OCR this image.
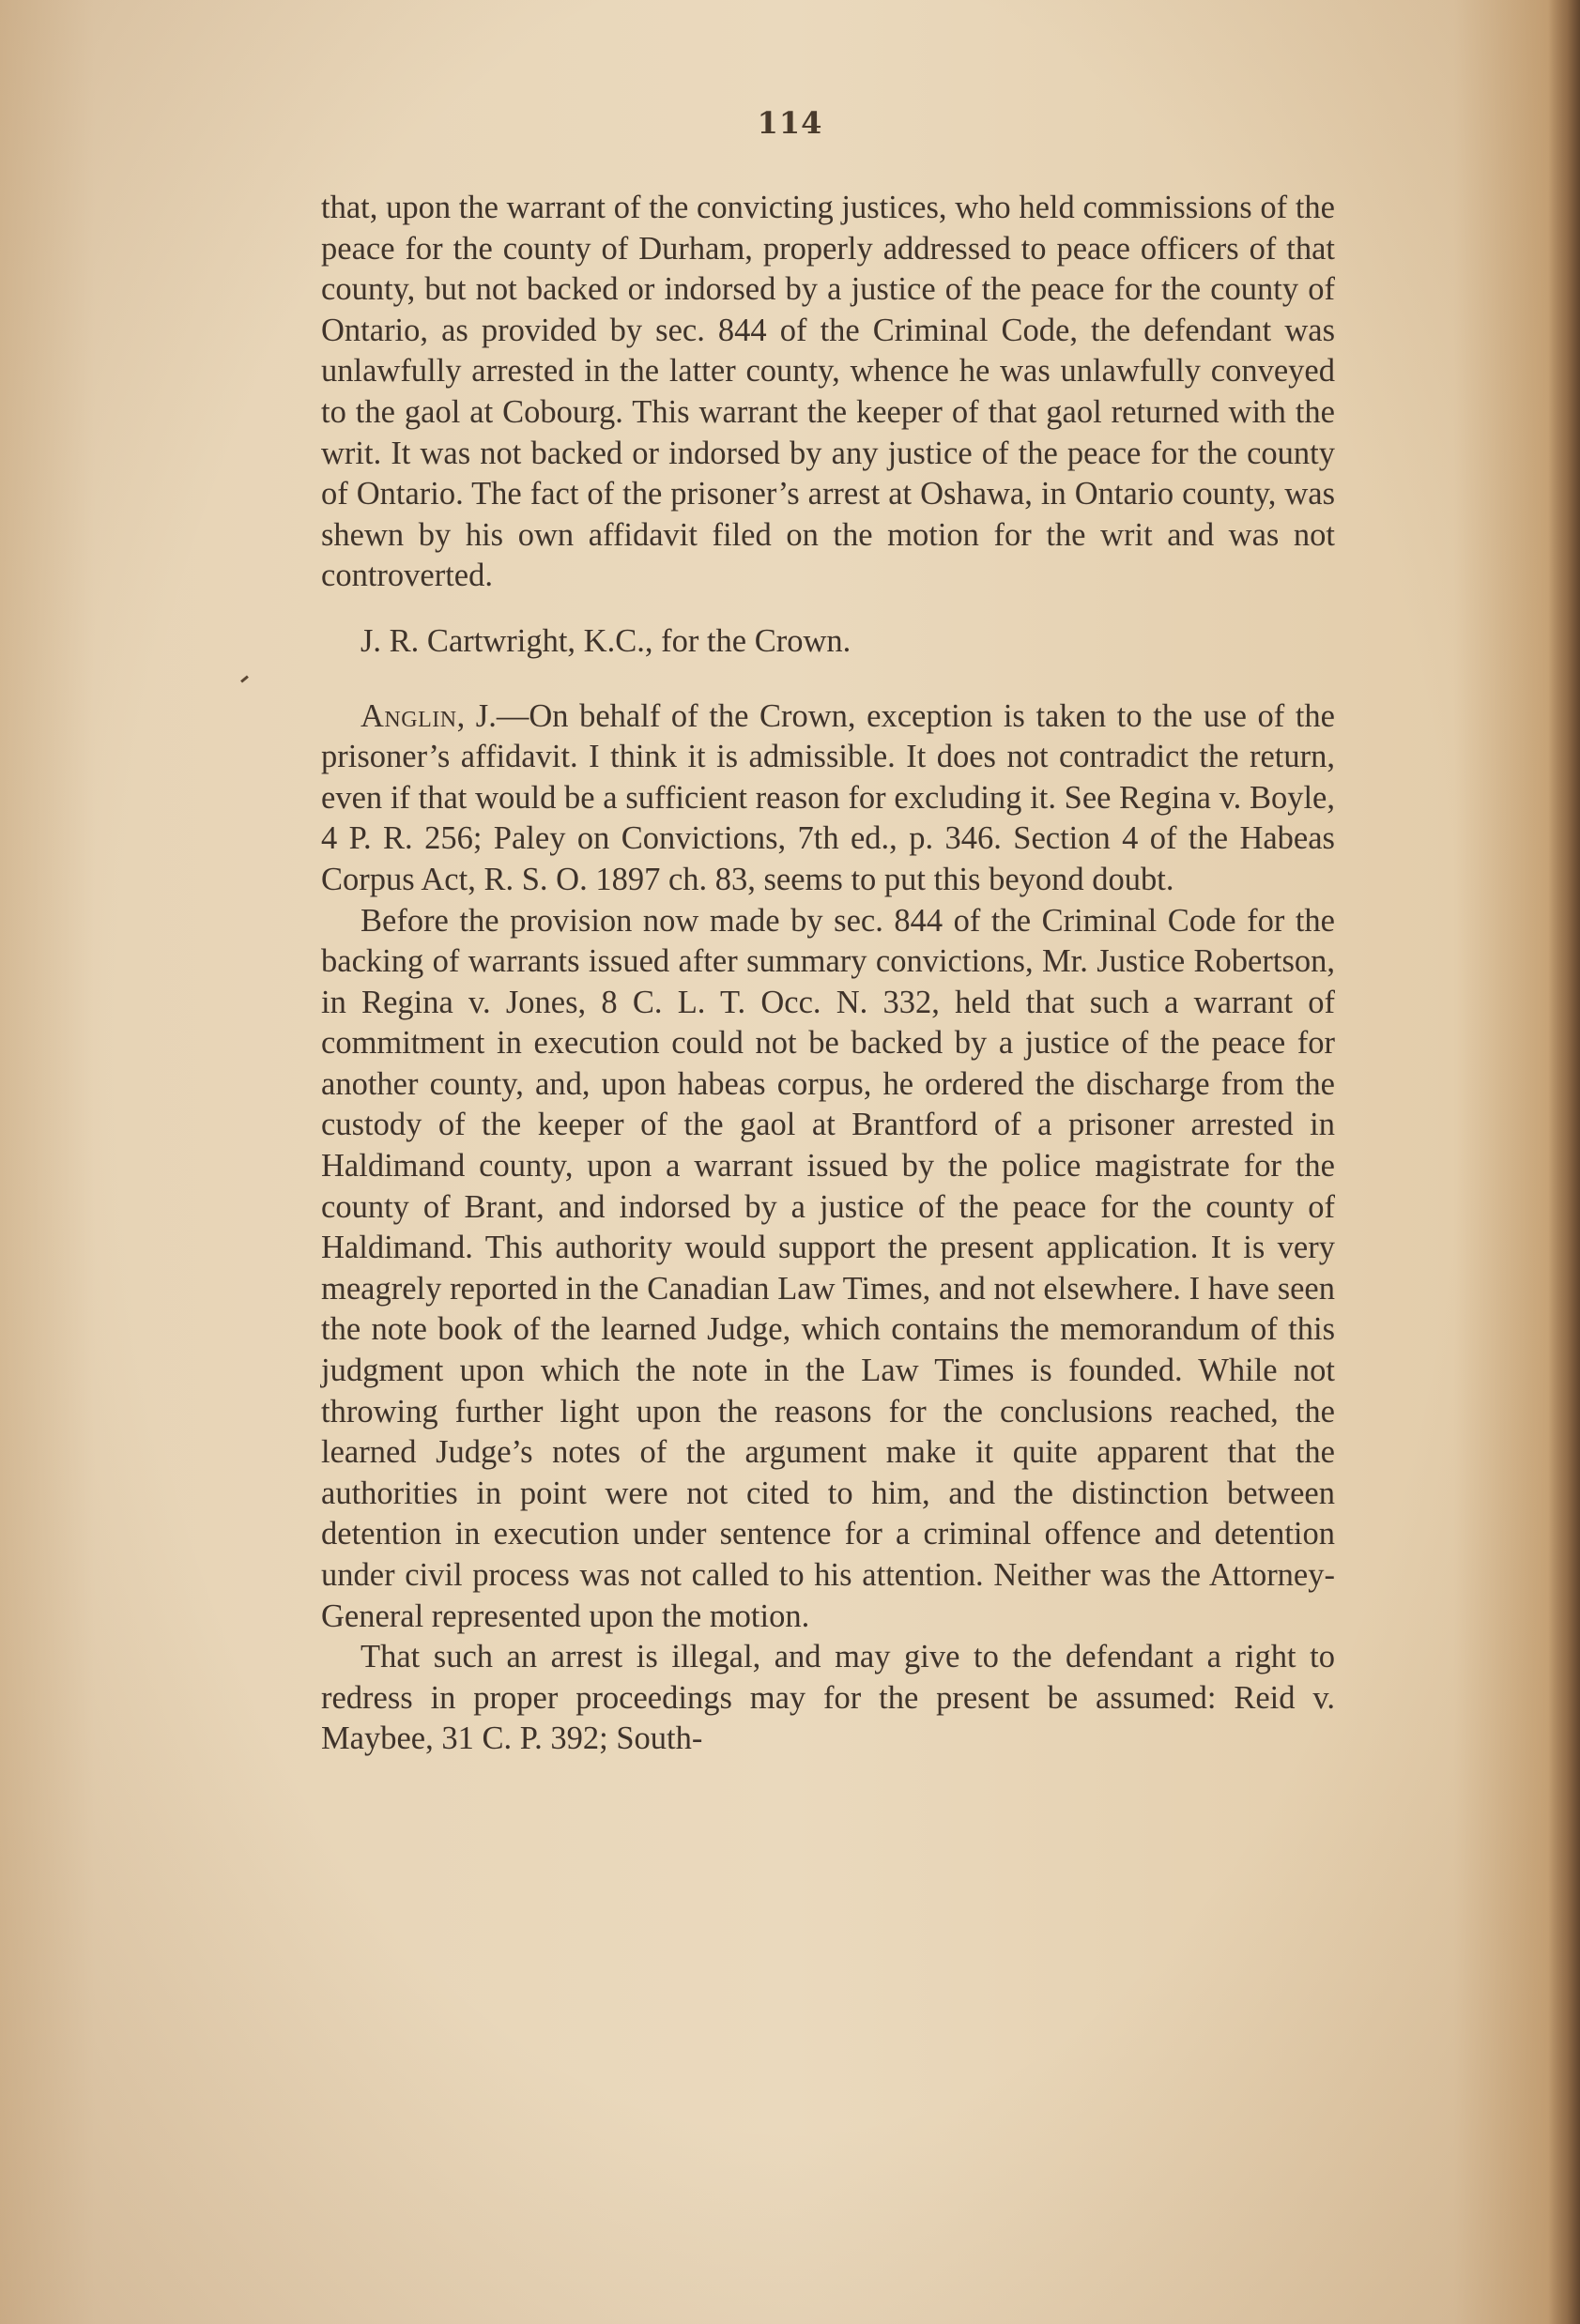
114

that, upon the warrant of the convicting justices, who held commissions of the peace for the county of Durham, properly addressed to peace officers of that county, but not backed or indorsed by a justice of the peace for the county of Ontario, as provided by sec. 844 of the Criminal Code, the defendant was unlawfully arrested in the latter county, whence he was unlawfully conveyed to the gaol at Cobourg. This warrant the keeper of that gaol returned with the writ. It was not backed or indorsed by any justice of the peace for the county of Ontario. The fact of the prisoner’s arrest at Oshawa, in Ontario county, was shewn by his own affidavit filed on the motion for the writ and was not controverted.

J. R. Cartwright, K.C., for the Crown.

Anglin, J.—On behalf of the Crown, exception is taken to the use of the prisoner’s affidavit. I think it is admissible. It does not contradict the return, even if that would be a sufficient reason for excluding it. See Regina v. Boyle, 4 P. R. 256; Paley on Convictions, 7th ed., p. 346. Section 4 of the Habeas Corpus Act, R. S. O. 1897 ch. 83, seems to put this beyond doubt.

Before the provision now made by sec. 844 of the Criminal Code for the backing of warrants issued after summary convictions, Mr. Justice Robertson, in Regina v. Jones, 8 C. L. T. Occ. N. 332, held that such a warrant of commitment in execution could not be backed by a justice of the peace for another county, and, upon habeas corpus, he ordered the discharge from the custody of the keeper of the gaol at Brantford of a prisoner arrested in Haldimand county, upon a warrant issued by the police magistrate for the county of Brant, and indorsed by a justice of the peace for the county of Haldimand. This authority would support the present application. It is very meagrely reported in the Canadian Law Times, and not elsewhere. I have seen the note book of the learned Judge, which contains the memorandum of this judgment upon which the note in the Law Times is founded. While not throwing further light upon the reasons for the conclusions reached, the learned Judge’s notes of the argument make it quite apparent that the authorities in point were not cited to him, and the distinction between detention in execution under sentence for a criminal offence and detention under civil process was not called to his attention. Neither was the Attorney-General represented upon the motion.

That such an arrest is illegal, and may give to the defendant a right to redress in proper proceedings may for the present be assumed: Reid v. Maybee, 31 C. P. 392; South-
